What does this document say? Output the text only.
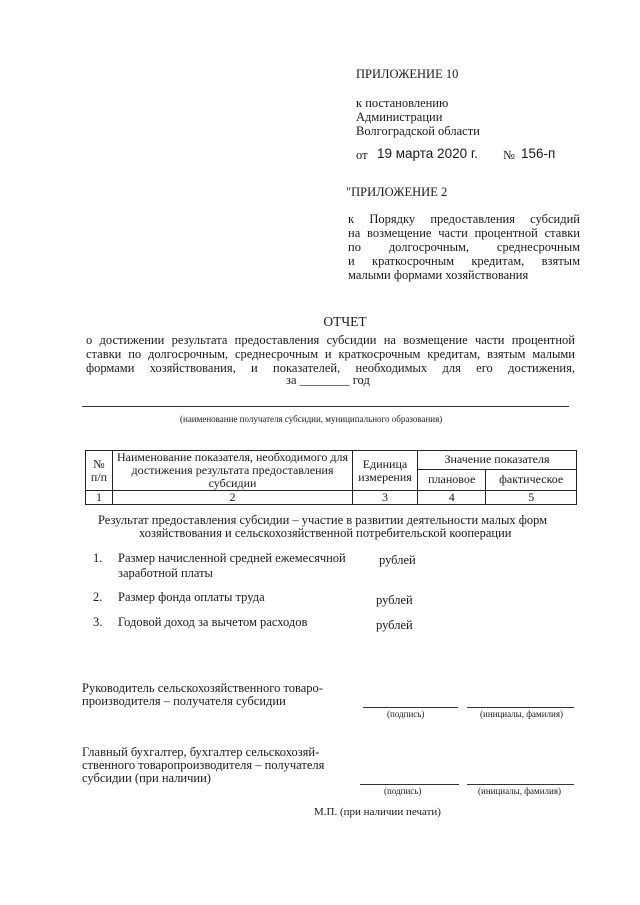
ПРИЛОЖЕНИЕ 10
к постановлению
Администрации
Волгоградской области
от 19 марта 2020 г. № 156-п
"ПРИЛОЖЕНИЕ 2
к Порядку предоставления субсидий
на возмещение части процентной ставки
по долгосрочным, среднесрочным
и краткосрочным кредитам, взятым
малыми формами хозяйствования
ОТЧЕТ
о достижении результата предоставления субсидии на возмещение части процентной
ставки по долгосрочным, среднесрочным и краткосрочным кредитам, взятым малыми
формами хозяйствования, и показателей, необходимых для его достижения,
за ________ год
(наименование получателя субсидии, муниципального образования)
№ п/п	Наименование показателя, необходимого для достижения результата предоставления субсидии	Единица измерения	Значение показателя	
			плановое	фактическое
1	2	3	4	5
Результат предоставления субсидии – участие в развитии деятельности малых форм
хозяйствования и сельскохозяйственной потребительской кооперации
1. Размер начисленной средней ежемесячной заработной платы
рублей
2. Размер фонда оплаты труда	рублей
3. Годовой доход за вычетом расходов	рублей
Руководитель сельскохозяйственного товаро-
производителя – получателя субсидии
(подпись)	(инициалы, фамилия)
Главный бухгалтер, бухгалтер сельскохозяй-
ственного товаропроизводителя – получателя
субсидии (при наличии)
(подпись)	(инициалы, фамилия)
М.П. (при наличии печати)
